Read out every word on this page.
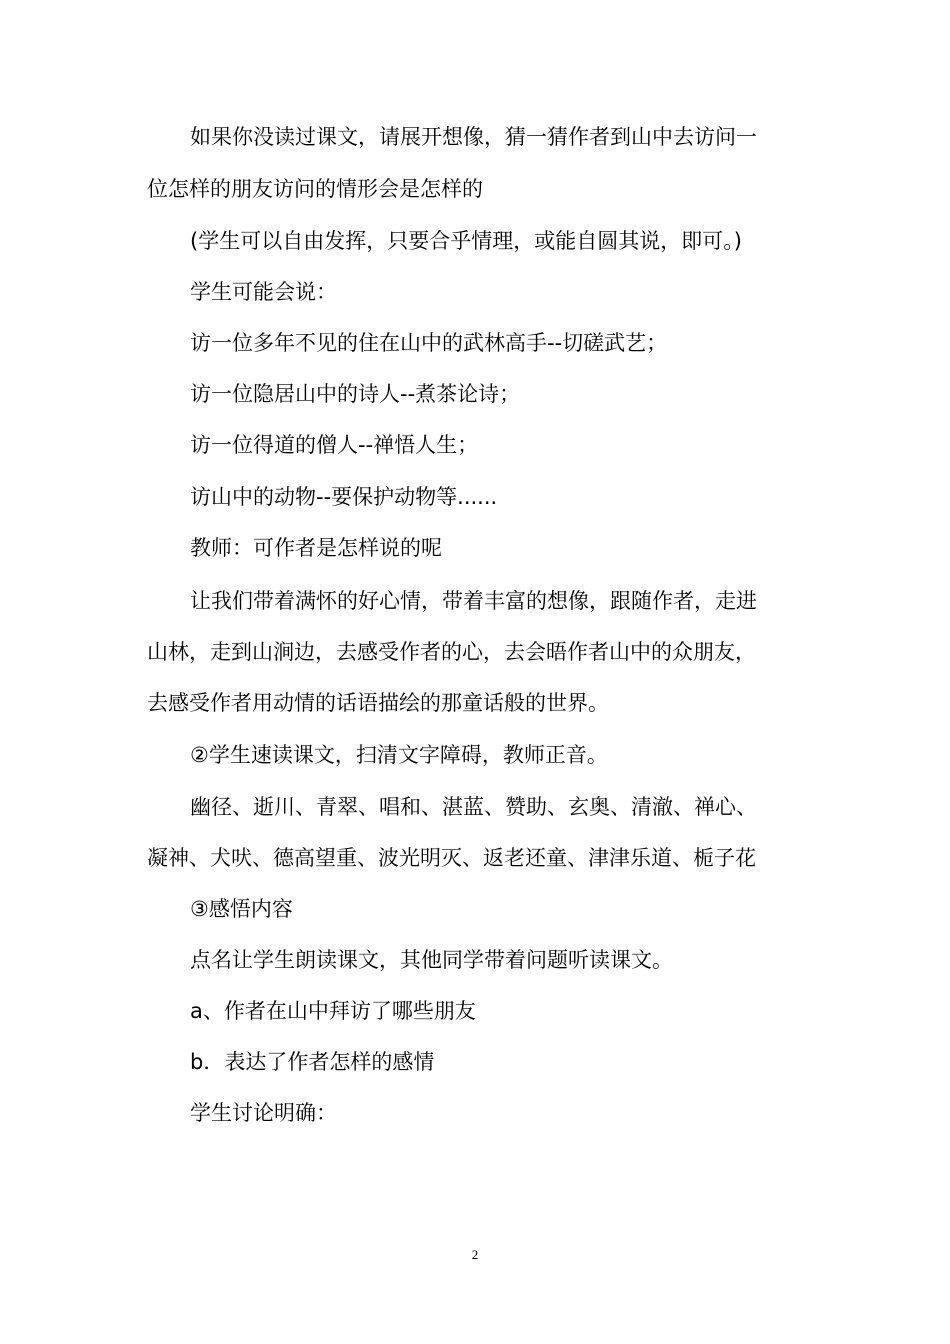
如果你没读过课文，请展开想像，猜一猜作者到山中去访问一
位怎样的朋友访问的情形会是怎样的
(学生可以自由发挥，只要合乎情理，或能自圆其说，即可。)
学生可能会说：
访一位多年不见的住在山中的武林高手--切磋武艺；
访一位隐居山中的诗人--煮茶论诗；
访一位得道的僧人--禅悟人生；
访山中的动物--要保护动物等......
教师：可作者是怎样说的呢
让我们带着满怀的好心情，带着丰富的想像，跟随作者，走进
山林，走到山涧边，去感受作者的心，去会晤作者山中的众朋友，
去感受作者用动情的话语描绘的那童话般的世界。
②学生速读课文，扫清文字障碍，教师正音。
幽径、逝川、青翠、唱和、湛蓝、赞助、玄奥、清澈、禅心、
凝神、犬吠、德高望重、波光明灭、返老还童、津津乐道、栀子花
③感悟内容
点名让学生朗读课文，其他同学带着问题听读课文。
a、作者在山中拜访了哪些朋友
b．表达了作者怎样的感情
学生讨论明确：
2
